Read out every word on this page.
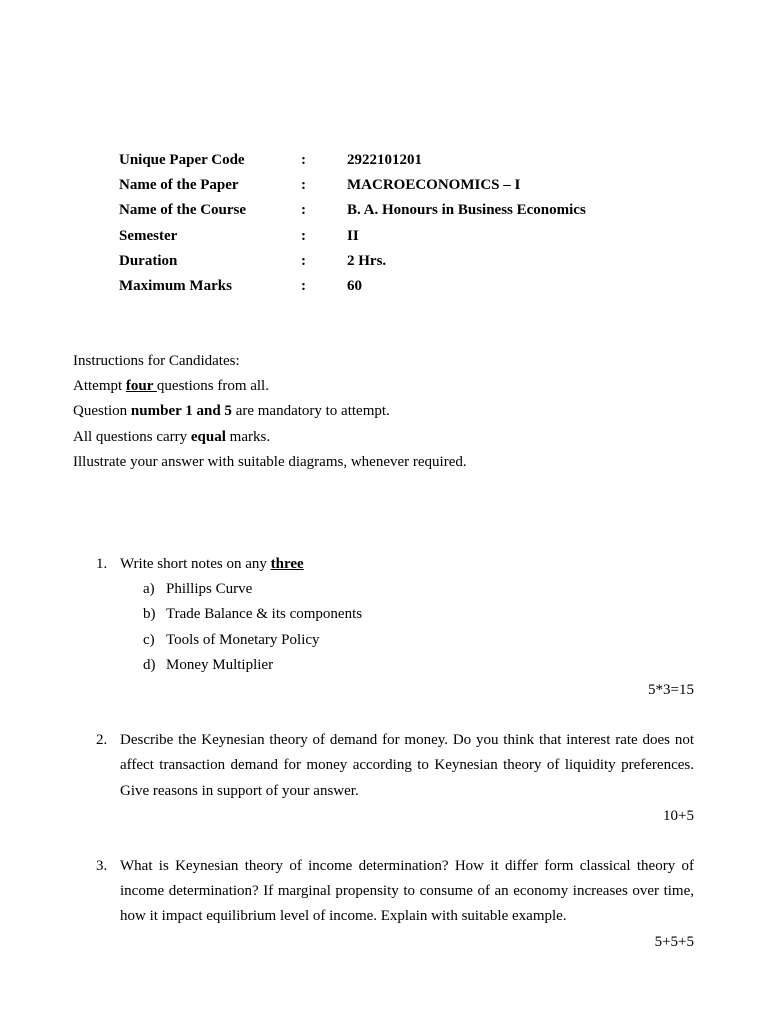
Unique Paper Code	:	2922101201
Name of the Paper	:	MACROECONOMICS – I
Name of the Course	:	B. A. Honours in Business Economics
Semester	:	II
Duration	:	2 Hrs.
Maximum Marks	:	60
Instructions for Candidates:
Attempt four questions from all.
Question number 1 and 5 are mandatory to attempt.
All questions carry equal marks.
Illustrate your answer with suitable diagrams, whenever required.
1. Write short notes on any three
a) Phillips Curve
b) Trade Balance & its components
c) Tools of Monetary Policy
d) Money Multiplier
5*3=15
2. Describe the Keynesian theory of demand for money. Do you think that interest rate does not affect transaction demand for money according to Keynesian theory of liquidity preferences. Give reasons in support of your answer.
10+5
3. What is Keynesian theory of income determination? How it differ form classical theory of income determination? If marginal propensity to consume of an economy increases over time, how it impact equilibrium level of income. Explain with suitable example.
5+5+5
